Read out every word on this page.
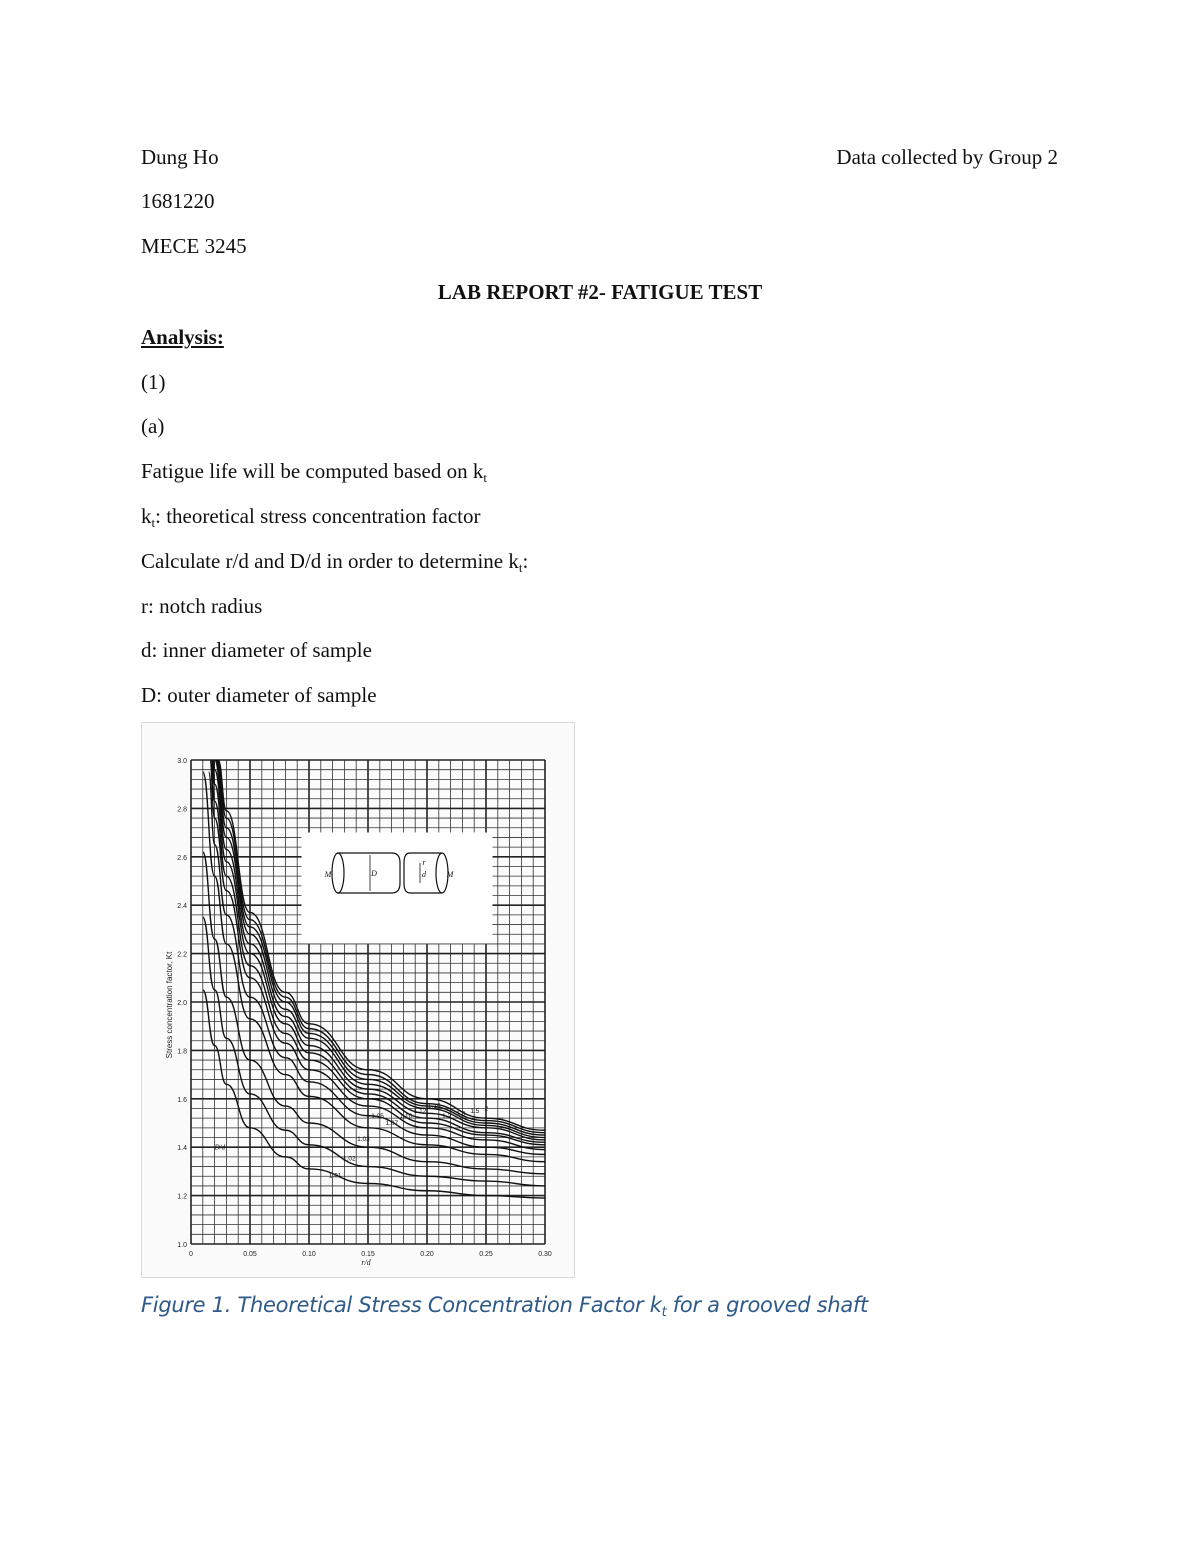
Dung Ho	Data collected by Group 2
1681220
MECE 3245
LAB REPORT #2- FATIGUE TEST
Analysis:
(1)
(a)
Fatigue life will be computed based on kt
kt: theoretical stress concentration factor
Calculate r/d and D/d in order to determine kt:
r: notch radius
d: inner diameter of sample
D: outer diameter of sample
0	0.05	0.10	0.15	0.20	0.25	0.30
1.0
1.2
1.4
1.6
1.8
2.0
2.2
2.4
2.6
2.8
3.0
M	D	d
r
M
1.01
1.02
1.03
1.05
1.07
1.10
1.12
1.15
1.2 1.3 1.5 2
∞
D/d
r/d
Stress concentration factor, Kt
Figure 1. Theoretical Stress Concentration Factor kt for a grooved shaft
